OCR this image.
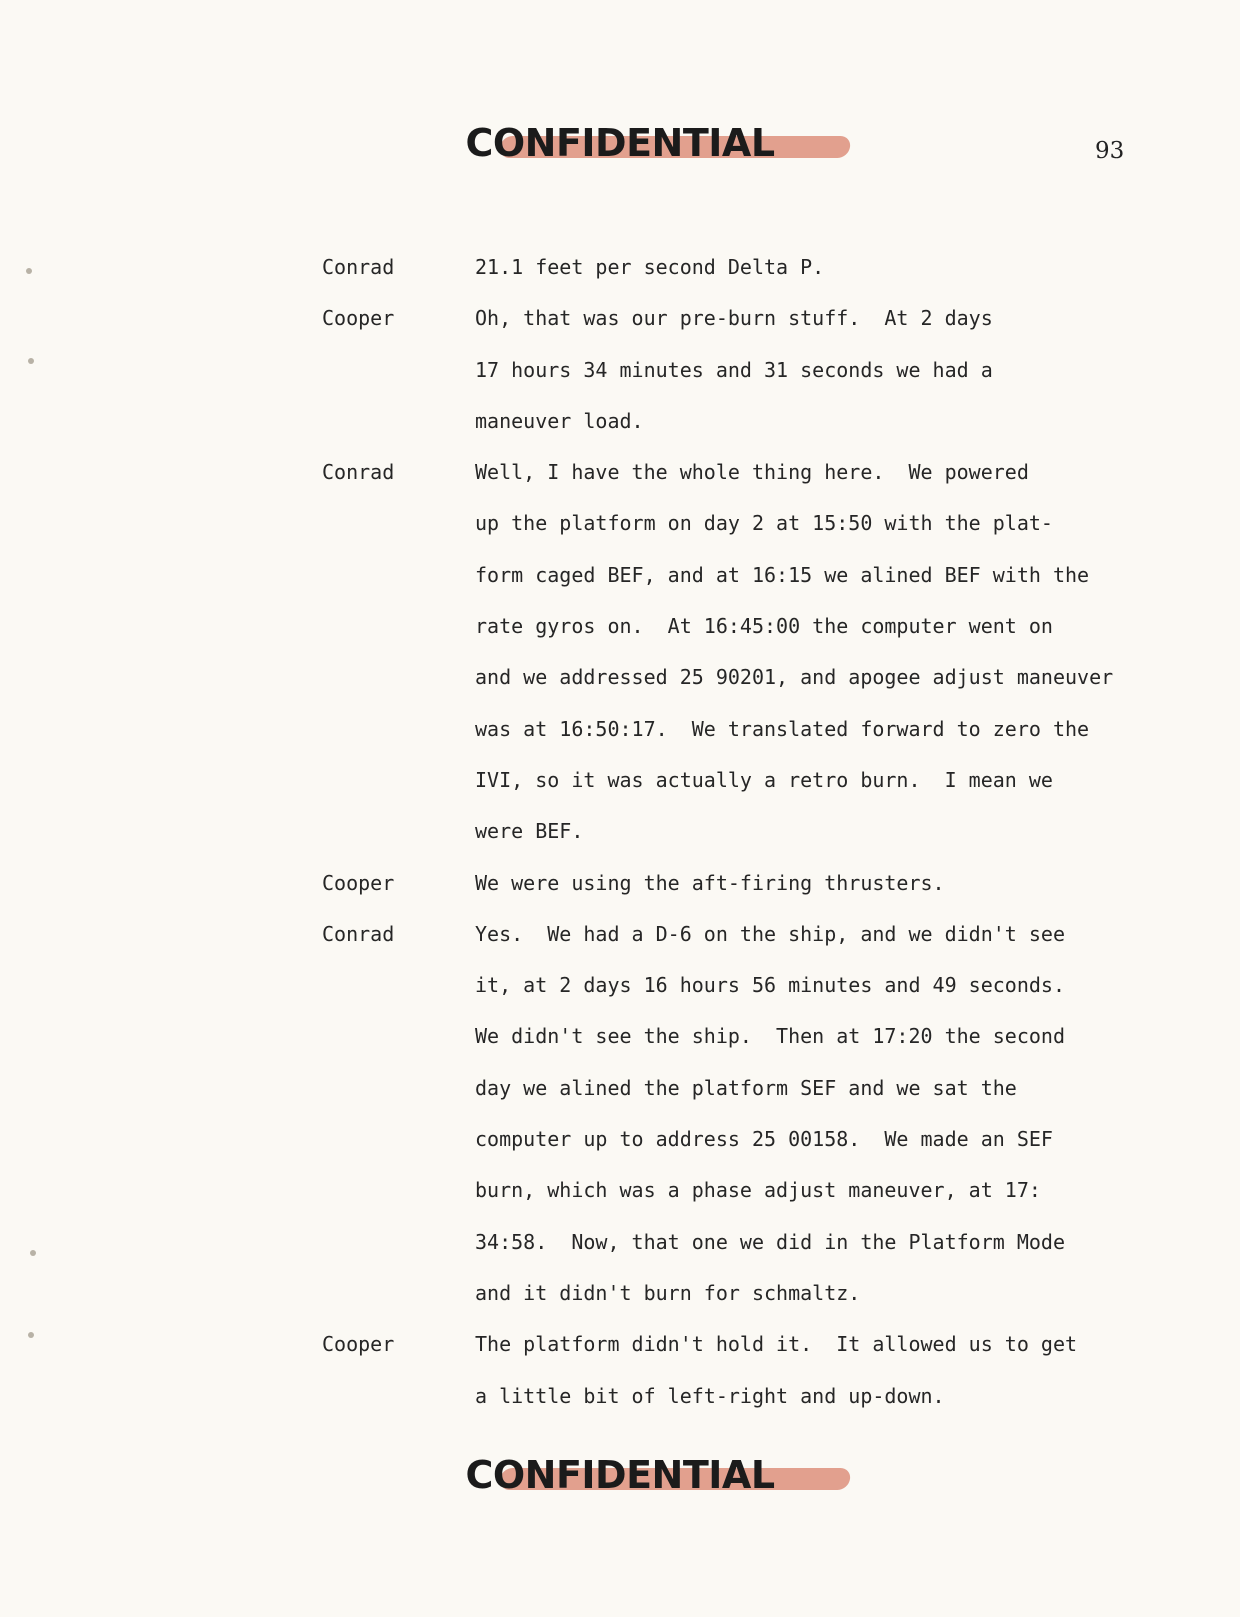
CONFIDENTIAL	93
Conrad	21.1 feet per second Delta P.
Cooper	Oh, that was our pre-burn stuff.  At 2 days
17 hours 34 minutes and 31 seconds we had a
maneuver load.
Conrad	Well, I have the whole thing here.  We powered
up the platform on day 2 at 15:50 with the plat-
form caged BEF, and at 16:15 we alined BEF with the
rate gyros on.  At 16:45:00 the computer went on
and we addressed 25 90201, and apogee adjust maneuver
was at 16:50:17.  We translated forward to zero the
IVI, so it was actually a retro burn.  I mean we
were BEF.
Cooper	We were using the aft-firing thrusters.
Conrad	Yes.  We had a D-6 on the ship, and we didn't see
it, at 2 days 16 hours 56 minutes and 49 seconds.
We didn't see the ship.  Then at 17:20 the second
day we alined the platform SEF and we sat the
computer up to address 25 00158.  We made an SEF
burn, which was a phase adjust maneuver, at 17:
34:58.  Now, that one we did in the Platform Mode
and it didn't burn for schmaltz.
Cooper	The platform didn't hold it.  It allowed us to get
a little bit of left-right and up-down.
CONFIDENTIAL
